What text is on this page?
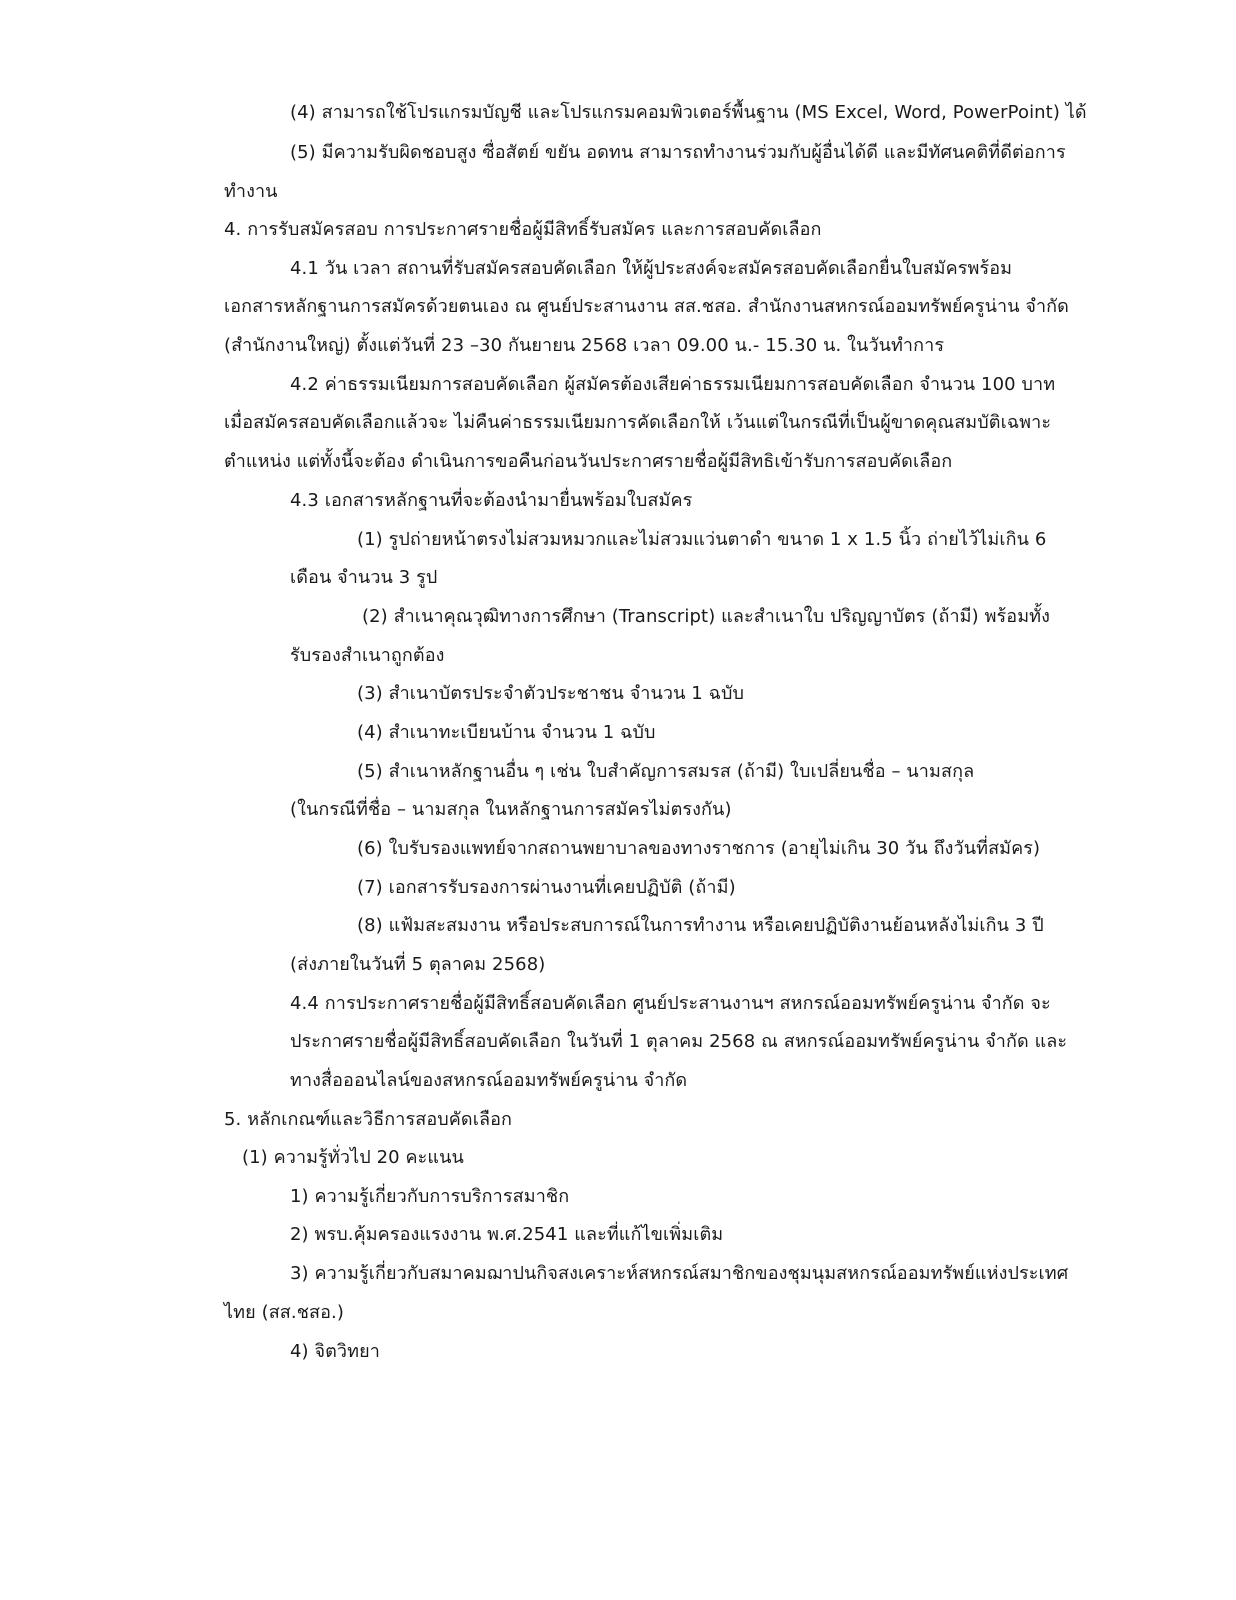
(4) สามารถใช้โปรแกรมบัญชี และโปรแกรมคอมพิวเตอร์พื้นฐาน (MS Excel, Word, PowerPoint) ได้
(5) มีความรับผิดชอบสูง ซื่อสัตย์ ขยัน อดทน สามารถทำงานร่วมกับผู้อื่นได้ดี และมีทัศนคติที่ดีต่อการ
ทำงาน
4. การรับสมัครสอบ การประกาศรายชื่อผู้มีสิทธิ์รับสมัคร และการสอบคัดเลือก
4.1 วัน เวลา สถานที่รับสมัครสอบคัดเลือก ให้ผู้ประสงค์จะสมัครสอบคัดเลือกยื่นใบสมัครพร้อม
เอกสารหลักฐานการสมัครด้วยตนเอง ณ ศูนย์ประสานงาน สส.ชสอ. สำนักงานสหกรณ์ออมทรัพย์ครูน่าน จำกัด
(สำนักงานใหญ่) ตั้งแต่วันที่ 23 –30 กันยายน 2568 เวลา 09.00 น.- 15.30 น. ในวันทำการ
4.2 ค่าธรรมเนียมการสอบคัดเลือก ผู้สมัครต้องเสียค่าธรรมเนียมการสอบคัดเลือก จำนวน 100 บาท
เมื่อสมัครสอบคัดเลือกแล้วจะ ไม่คืนค่าธรรมเนียมการคัดเลือกให้ เว้นแต่ในกรณีที่เป็นผู้ขาดคุณสมบัติเฉพาะ
ตำแหน่ง แต่ทั้งนี้จะต้อง ดำเนินการขอคืนก่อนวันประกาศรายชื่อผู้มีสิทธิเข้ารับการสอบคัดเลือก
4.3 เอกสารหลักฐานที่จะต้องนำมายื่นพร้อมใบสมัคร
(1) รูปถ่ายหน้าตรงไม่สวมหมวกและไม่สวมแว่นตาดำ ขนาด 1 x 1.5 นิ้ว ถ่ายไว้ไม่เกิน 6
เดือน จำนวน 3 รูป
(2) สำเนาคุณวุฒิทางการศึกษา (Transcript) และสำเนาใบ ปริญญาบัตร (ถ้ามี) พร้อมทั้ง
รับรองสำเนาถูกต้อง
(3) สำเนาบัตรประจำตัวประชาชน จำนวน 1 ฉบับ
(4) สำเนาทะเบียนบ้าน จำนวน 1 ฉบับ
(5) สำเนาหลักฐานอื่น ๆ เช่น ใบสำคัญการสมรส (ถ้ามี) ใบเปลี่ยนชื่อ – นามสกุล
(ในกรณีที่ชื่อ – นามสกุล ในหลักฐานการสมัครไม่ตรงกัน)
(6) ใบรับรองแพทย์จากสถานพยาบาลของทางราชการ (อายุไม่เกิน 30 วัน ถึงวันที่สมัคร)
(7) เอกสารรับรองการผ่านงานที่เคยปฏิบัติ (ถ้ามี)
(8) แฟ้มสะสมงาน หรือประสบการณ์ในการทำงาน หรือเคยปฏิบัติงานย้อนหลังไม่เกิน 3 ปี
(ส่งภายในวันที่ 5 ตุลาคม 2568)
4.4 การประกาศรายชื่อผู้มีสิทธิ์สอบคัดเลือก ศูนย์ประสานงานฯ สหกรณ์ออมทรัพย์ครูน่าน จำกัด จะ
ประกาศรายชื่อผู้มีสิทธิ์สอบคัดเลือก ในวันที่ 1 ตุลาคม 2568 ณ สหกรณ์ออมทรัพย์ครูน่าน จำกัด และ
ทางสื่อออนไลน์ของสหกรณ์ออมทรัพย์ครูน่าน จำกัด
5. หลักเกณฑ์และวิธีการสอบคัดเลือก
(1) ความรู้ทั่วไป 20 คะแนน
1) ความรู้เกี่ยวกับการบริการสมาชิก
2) พรบ.คุ้มครองแรงงาน พ.ศ.2541 และที่แก้ไขเพิ่มเติม
3) ความรู้เกี่ยวกับสมาคมฌาปนกิจสงเคราะห์สหกรณ์สมาชิกของชุมนุมสหกรณ์ออมทรัพย์แห่งประเทศ
ไทย (สส.ชสอ.)
4) จิตวิทยา
